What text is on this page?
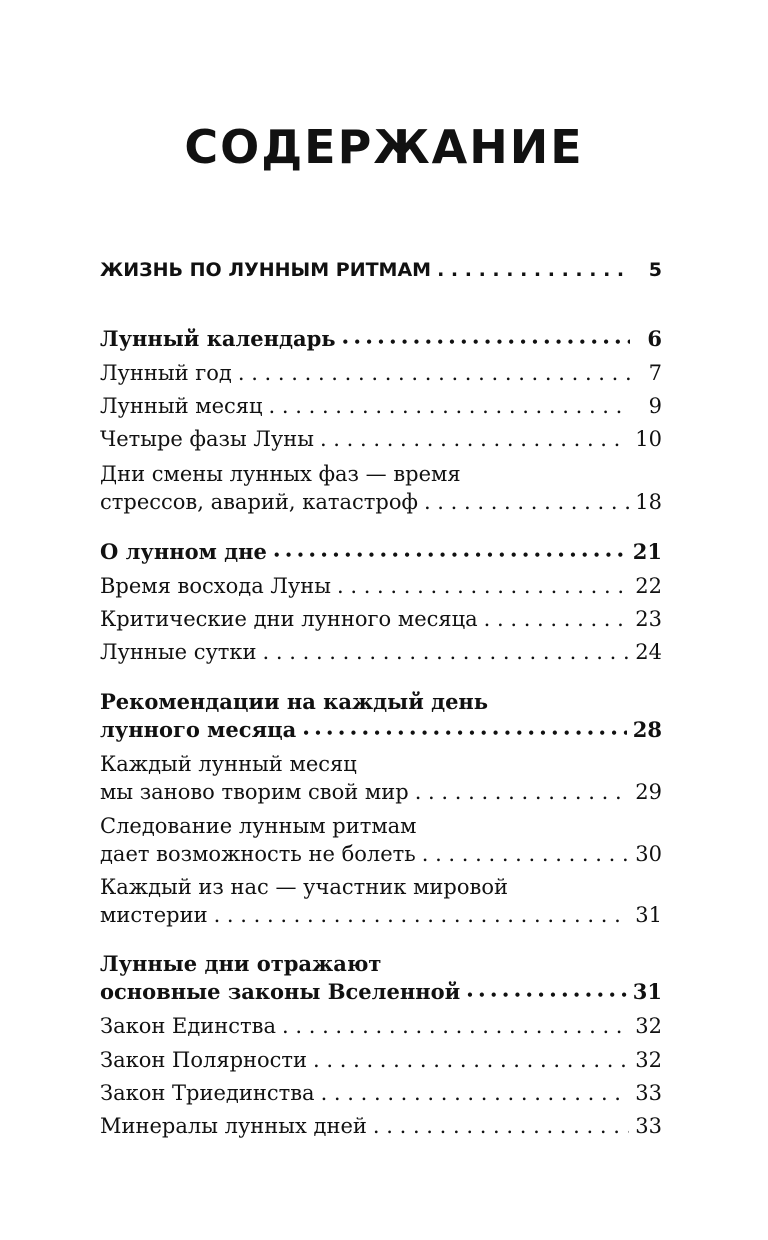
СОДЕРЖАНИЕ
ЖИЗНЬ ПО ЛУННЫМ РИТМАМ . . .	5
Лунный календарь • • •	6
Лунный год . . .	7
Лунный месяц . . .	9
Четыре фазы Луны . . .	10
Дни смены лунных фаз — время
стрессов, аварий, катастроф . . .	18
О лунном дне • • •	21
Время восхода Луны . . .	22
Критические дни лунного месяца . . .	23
Лунные сутки . . .	24
Рекомендации на каждый день
лунного месяца • • •	28
Каждый лунный месяц
мы заново творим свой мир . . .	29
Следование лунным ритмам
дает возможность не болеть . . .	30
Каждый из нас — участник мировой
мистерии . . .	31
Лунные дни отражают
основные законы Вселенной • • •	31
Закон Единства . . .	32
Закон Полярности . . .	32
Закон Триединства . . .	33
Минералы лунных дней . . .	33
